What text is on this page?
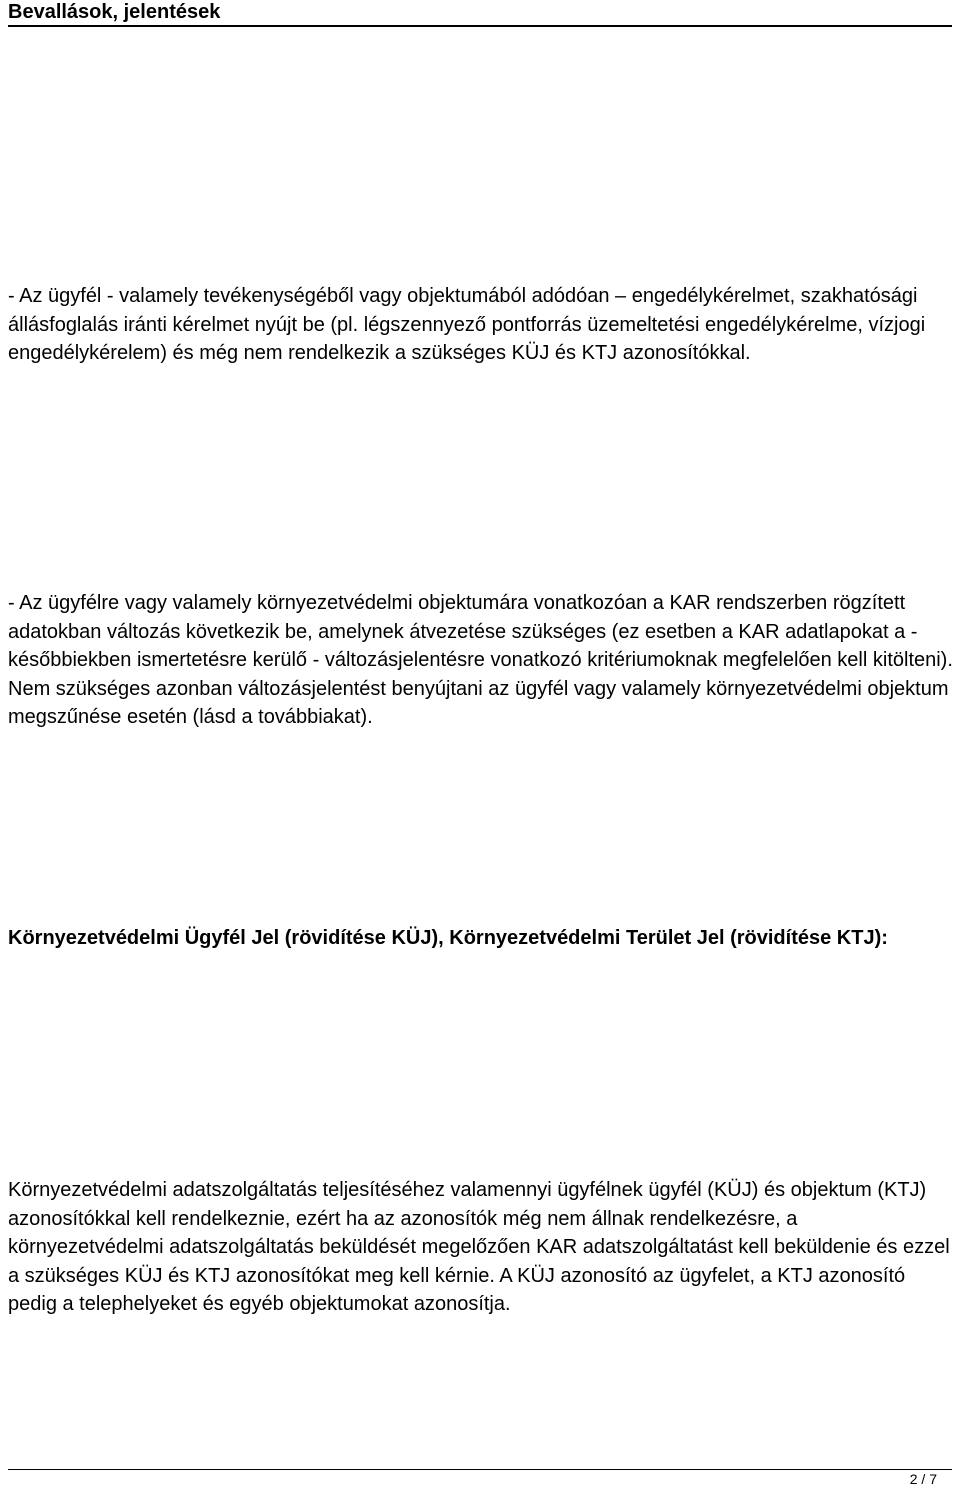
Bevallások, jelentések

- Az ügyfél - valamely tevékenységéből vagy objektumából adódóan – engedélykérelmet, szakhatósági állásfoglalás iránti kérelmet nyújt be (pl. légszennyező pontforrás üzemeltetési engedélykérelme, vízjogi engedélykérelem) és még nem rendelkezik a szükséges KÜJ és KTJ azonosítókkal.

- Az ügyfélre vagy valamely környezetvédelmi objektumára vonatkozóan a KAR rendszerben rögzített adatokban változás következik be, amelynek átvezetése szükséges (ez esetben a KAR adatlapokat a - későbbiekben ismertetésre kerülő - változásjelentésre vonatkozó kritériumoknak megfelelően kell kitölteni). Nem szükséges azonban változásjelentést benyújtani az ügyfél vagy valamely környezetvédelmi objektum megszűnése esetén (lásd a továbbiakat).

Környezetvédelmi Ügyfél Jel (rövidítése KÜJ), Környezetvédelmi Terület Jel (rövidítése KTJ):

Környezetvédelmi adatszolgáltatás teljesítéséhez valamennyi ügyfélnek ügyfél (KÜJ) és objektum (KTJ) azonosítókkal kell rendelkeznie, ezért ha az azonosítók még nem állnak rendelkezésre, a környezetvédelmi adatszolgáltatás beküldését megelőzően KAR adatszolgáltatást kell beküldenie és ezzel a szükséges KÜJ és KTJ azonosítókat meg kell kérnie. A KÜJ azonosító az ügyfelet, a KTJ azonosító pedig a telephelyeket és egyéb objektumokat azonosítja.

2 / 7
